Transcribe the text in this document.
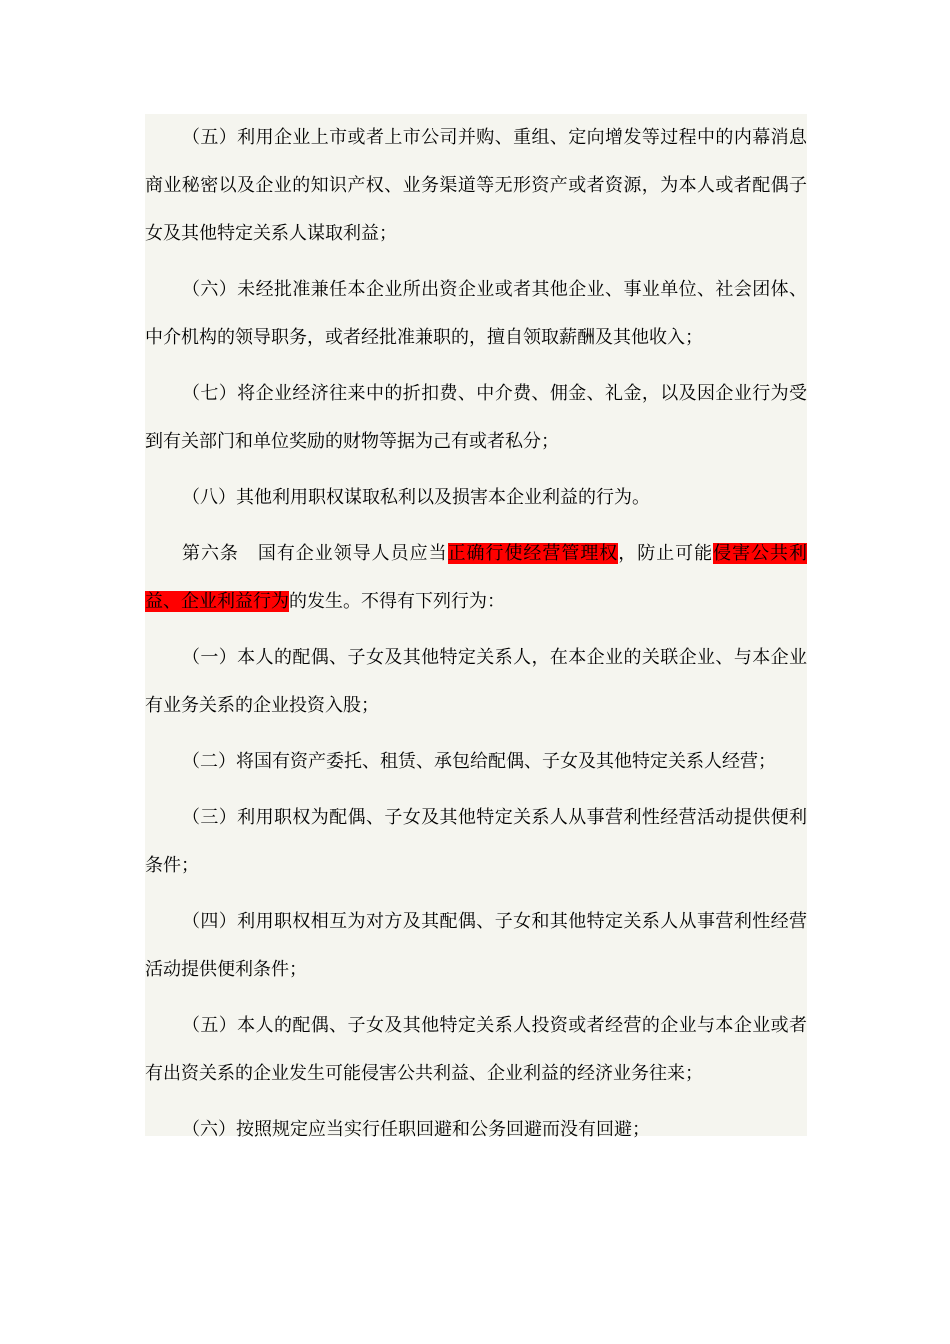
（五）利用企业上市或者上市公司并购、重组、定向增发等过程中的内幕消息商业秘密以及企业的知识产权、业务渠道等无形资产或者资源，为本人或者配偶子女及其他特定关系人谋取利益；

（六）未经批准兼任本企业所出资企业或者其他企业、事业单位、社会团体、中介机构的领导职务，或者经批准兼职的，擅自领取薪酬及其他收入；

（七）将企业经济往来中的折扣费、中介费、佣金、礼金，以及因企业行为受到有关部门和单位奖励的财物等据为己有或者私分；

（八）其他利用职权谋取私利以及损害本企业利益的行为。

第六条　国有企业领导人员应当正确行使经营管理权，防止可能侵害公共利益、企业利益行为的发生。不得有下列行为：

（一）本人的配偶、子女及其他特定关系人，在本企业的关联企业、与本企业有业务关系的企业投资入股；

（二）将国有资产委托、租赁、承包给配偶、子女及其他特定关系人经营；

（三）利用职权为配偶、子女及其他特定关系人从事营利性经营活动提供便利条件；

（四）利用职权相互为对方及其配偶、子女和其他特定关系人从事营利性经营活动提供便利条件；

（五）本人的配偶、子女及其他特定关系人投资或者经营的企业与本企业或者有出资关系的企业发生可能侵害公共利益、企业利益的经济业务往来；

（六）按照规定应当实行任职回避和公务回避而没有回避；
